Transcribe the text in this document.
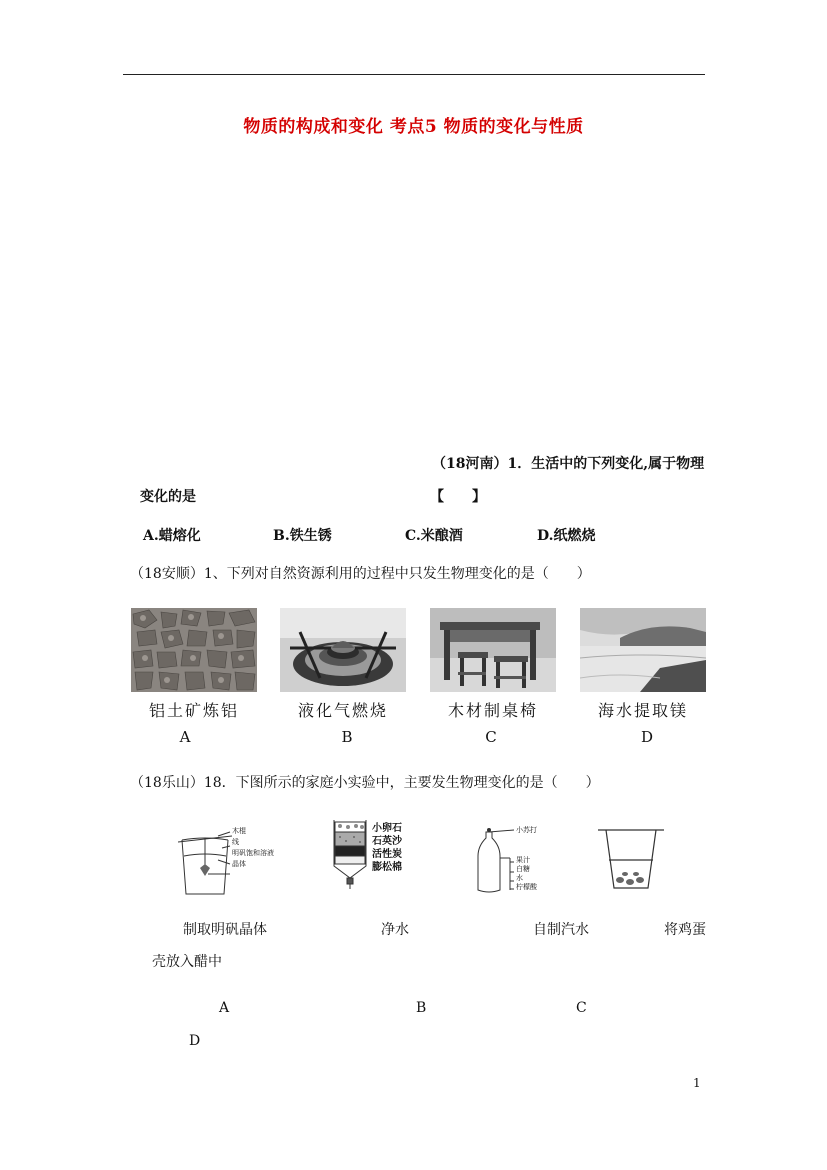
物质的构成和变化 考点5 物质的变化与性质
（18河南）1．生活中的下列变化,属于物理
变化的是	【　　】
A.蜡熔化	B.铁生锈	C.米酿酒	D.纸燃烧
（18安顺）1、下列对自然资源利用的过程中只发生物理变化的是（　　）
铝土矿炼铝	液化气燃烧	木材制桌椅	海水提取镁
A	B	C	D
（18乐山）18．下图所示的家庭小实验中，主要发生物理变化的是（　　）
木棍
线
明矾饱和溶液
晶体
小卵石
石英沙
活性炭
膨松棉
小苏打
果汁
白糖
水
柠檬酸
制取明矾晶体	净水	自制汽水	将鸡蛋
壳放入醋中
A	B	C
D
1
